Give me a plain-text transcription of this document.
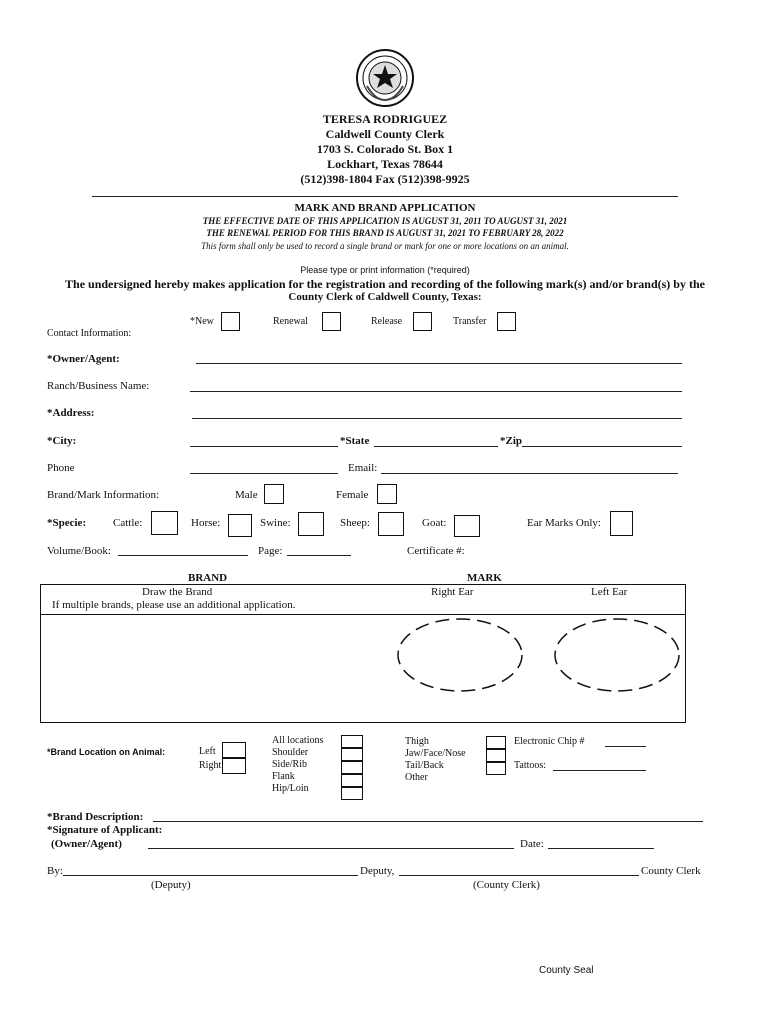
TERESA RODRIGUEZ
Caldwell County Clerk
1703 S. Colorado St. Box 1
Lockhart, Texas 78644
(512)398-1804 Fax (512)398-9925
MARK AND BRAND APPLICATION
THE EFFECTIVE DATE OF THIS APPLICATION IS AUGUST 31, 2011 TO AUGUST 31, 2021
THE RENEWAL PERIOD FOR THIS BRAND IS AUGUST 31, 2021 TO FEBRUARY 28, 2022
This form shall only be used to record a single brand or mark for one or more locations on an animal.
Please type or print information (*required)
The undersigned hereby makes application for the registration and recording of the following mark(s) and/or brand(s) by the
County Clerk of Caldwell County, Texas:
Contact Information:
*New	Renewal	Release	Transfer
*Owner/Agent:
Ranch/Business Name:
*Address:
*City:	*State	*Zip
Phone	Email:
Brand/Mark Information:	Male	Female
*Specie: Cattle:	Horse:	Swine:	Sheep:	Goat:	Ear Marks Only:
Volume/Book:	Page:	Certificate #:
BRAND	MARK
Draw the Brand
If multiple brands, please use an additional application.
Right Ear	Left Ear
*Brand Location on Animal:	Left
Right
All locations
Shoulder
Side/Rib
Flank
Hip/Loin
Thigh
Jaw/Face/Nose
Tail/Back
Other
Electronic Chip #
Tattoos:
*Brand Description:
*Signature of Applicant:
(Owner/Agent)	Date:
By:	Deputy,	County Clerk
(Deputy)	(County Clerk)
County Seal
